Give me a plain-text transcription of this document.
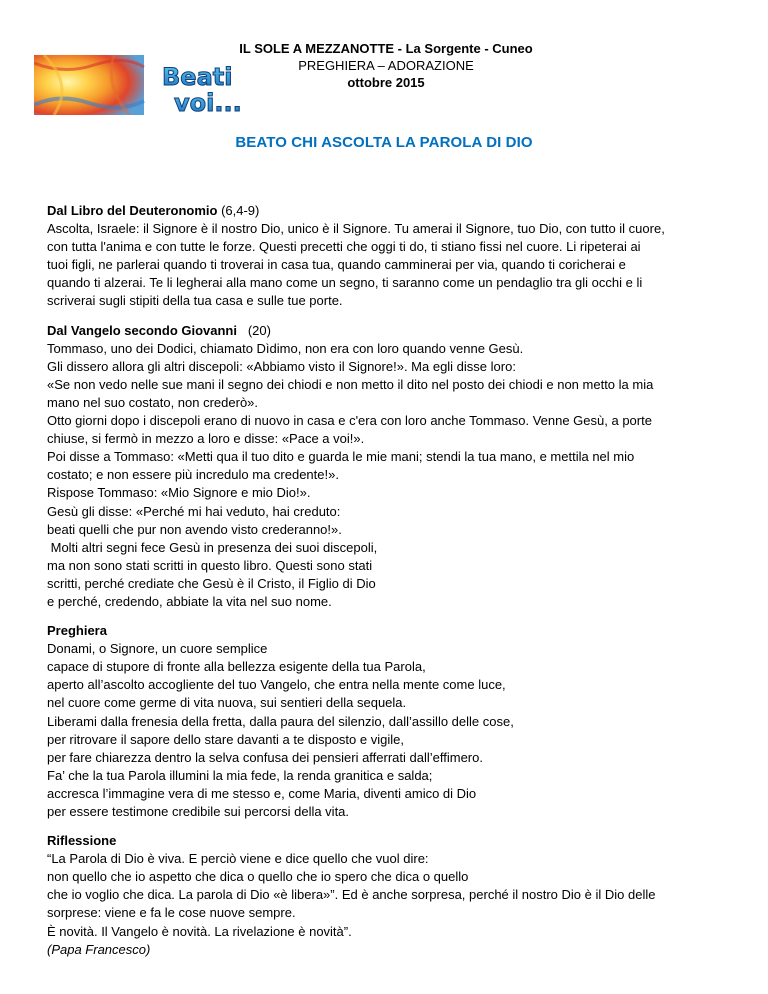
Beati
voi...
IL SOLE A MEZZANOTTE - La Sorgente - Cuneo
PREGHIERA – ADORAZIONE
ottobre 2015
BEATO CHI ASCOLTA LA PAROLA DI DIO

Dal Libro del Deuteronomio (6,4-9)

Ascolta, Israele: il Signore è il nostro Dio, unico è il Signore. Tu amerai il Signore, tuo Dio, con tutto il cuore,

con tutta l'anima e con tutte le forze. Questi precetti che oggi ti do, ti stiano fissi nel cuore. Li ripeterai ai

tuoi figli, ne parlerai quando ti troverai in casa tua, quando camminerai per via, quando ti coricherai e

quando ti alzerai. Te li legherai alla mano come un segno, ti saranno come un pendaglio tra gli occhi e li

scriverai sugli stipiti della tua casa e sulle tue porte.

Dal Vangelo secondo Giovanni   (20)

Tommaso, uno dei Dodici, chiamato Dìdimo, non era con loro quando venne Gesù.

Gli dissero allora gli altri discepoli: «Abbiamo visto il Signore!». Ma egli disse loro:

«Se non vedo nelle sue mani il segno dei chiodi e non metto il dito nel posto dei chiodi e non metto la mia

mano nel suo costato, non crederò».

Otto giorni dopo i discepoli erano di nuovo in casa e c'era con loro anche Tommaso. Venne Gesù, a porte

chiuse, si fermò in mezzo a loro e disse: «Pace a voi!».

Poi disse a Tommaso: «Metti qua il tuo dito e guarda le mie mani; stendi la tua mano, e mettila nel mio

costato; e non essere più incredulo ma credente!».

Rispose Tommaso: «Mio Signore e mio Dio!».

Gesù gli disse: «Perché mi hai veduto, hai creduto:

beati quelli che pur non avendo visto crederanno!».

Molti altri segni fece Gesù in presenza dei suoi discepoli,

ma non sono stati scritti in questo libro. Questi sono stati

scritti, perché crediate che Gesù è il Cristo, il Figlio di Dio

e perché, credendo, abbiate la vita nel suo nome.

Preghiera

Donami, o Signore, un cuore semplice

capace di stupore di fronte alla bellezza esigente della tua Parola,

aperto all’ascolto accogliente del tuo Vangelo, che entra nella mente come luce,

nel cuore come germe di vita nuova, sui sentieri della sequela.

Liberami dalla frenesia della fretta, dalla paura del silenzio, dall’assillo delle cose,

per ritrovare il sapore dello stare davanti a te disposto e vigile,

per fare chiarezza dentro la selva confusa dei pensieri afferrati dall’effimero.

Fa’ che la tua Parola illumini la mia fede, la renda granitica e salda;

accresca l’immagine vera di me stesso e, come Maria, diventi amico di Dio

per essere testimone credibile sui percorsi della vita.

Riflessione

“La Parola di Dio è viva. E perciò viene e dice quello che vuol dire:

non quello che io aspetto che dica o quello che io spero che dica o quello

che io voglio che dica. La parola di Dio «è libera»”. Ed è anche sorpresa, perché il nostro Dio è il Dio delle

sorprese: viene e fa le cose nuove sempre.

È novità. Il Vangelo è novità. La rivelazione è novità”.

(Papa Francesco)
